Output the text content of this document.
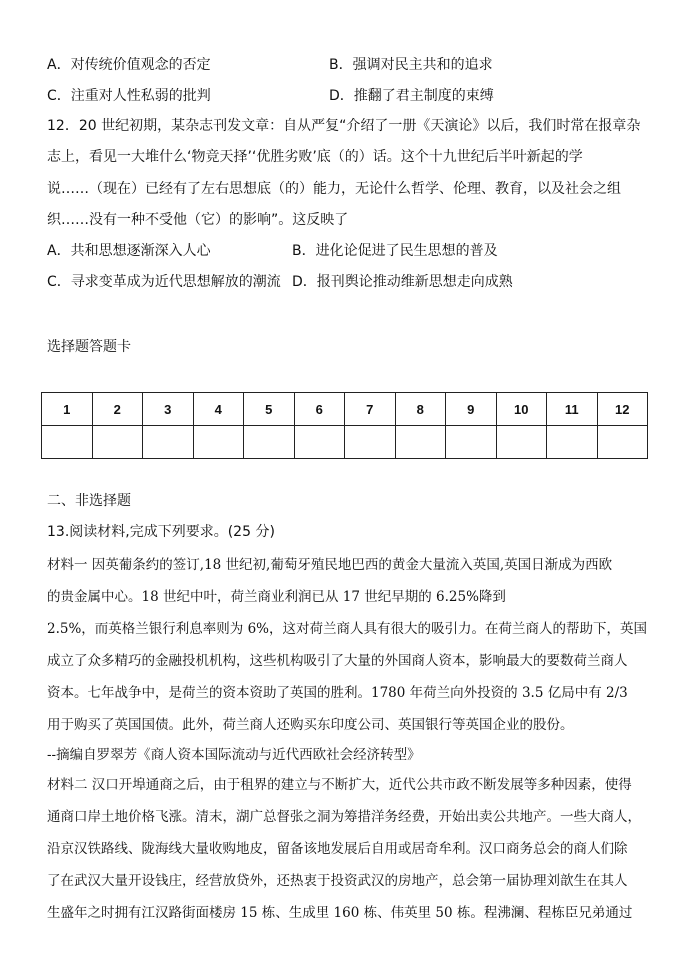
A．对传统价值观念的否定	B．强调对民主共和的追求
C．注重对人性私弱的批判	D．推翻了君主制度的束缚
12．20 世纪初期，某杂志刊发文章：自从严复“介绍了一册《天演论》以后，我们时常在报章杂
志上，看见一大堆什么‘物竞天择’‘优胜劣败’底（的）话。这个十九世纪后半叶新起的学
说……（现在）已经有了左右思想底（的）能力，无论什么哲学、伦理、教育，以及社会之组
织……没有一种不受他（它）的影响”。这反映了
A．共和思想逐渐深入人心	B．进化论促进了民生思想的普及
C．寻求变革成为近代思想解放的潮流 D．报刊舆论推动维新思想走向成熟
选择题答题卡
1	2	3	4	5	6	7	8	9	10	11	12

二、非选择题
13.阅读材料,完成下列要求。(25 分)
材料一 因英葡条约的签订,18 世纪初,葡萄牙殖民地巴西的黄金大量流入英国,英国日渐成为西欧
的贵金属中心。18 世纪中叶，荷兰商业利润已从 17 世纪早期的 6.25%降到
2.5%，而英格兰银行利息率则为 6%，这对荷兰商人具有很大的吸引力。在荷兰商人的帮助下，英国
成立了众多精巧的金融投机机构，这些机构吸引了大量的外国商人资本，影响最大的要数荷兰商人
资本。七年战争中，是荷兰的资本资助了英国的胜利。1780 年荷兰向外投资的 3.5 亿局中有 2/3
用于购买了英国国债。此外，荷兰商人还购买东印度公司、英国银行等英国企业的股份。
--摘编自罗翠芳《商人资本国际流动与近代西欧社会经济转型》
材料二 汉口开埠通商之后，由于租界的建立与不断扩大，近代公共市政不断发展等多种因素，使得
通商口岸土地价格飞涨。清末，湖广总督张之洞为筹措洋务经费，开始出卖公共地产。一些大商人，
沿京汉铁路线、陇海线大量收购地皮，留备该地发展后自用或居奇牟利。汉口商务总会的商人们除
了在武汉大量开设钱庄，经营放贷外，还热衷于投资武汉的房地产，总会第一届协理刘歆生在其人
生盛年之时拥有江汉路街面楼房 15 栋、生成里 160 栋、伟英里 50 栋。程沸澜、程栋臣兄弟通过
